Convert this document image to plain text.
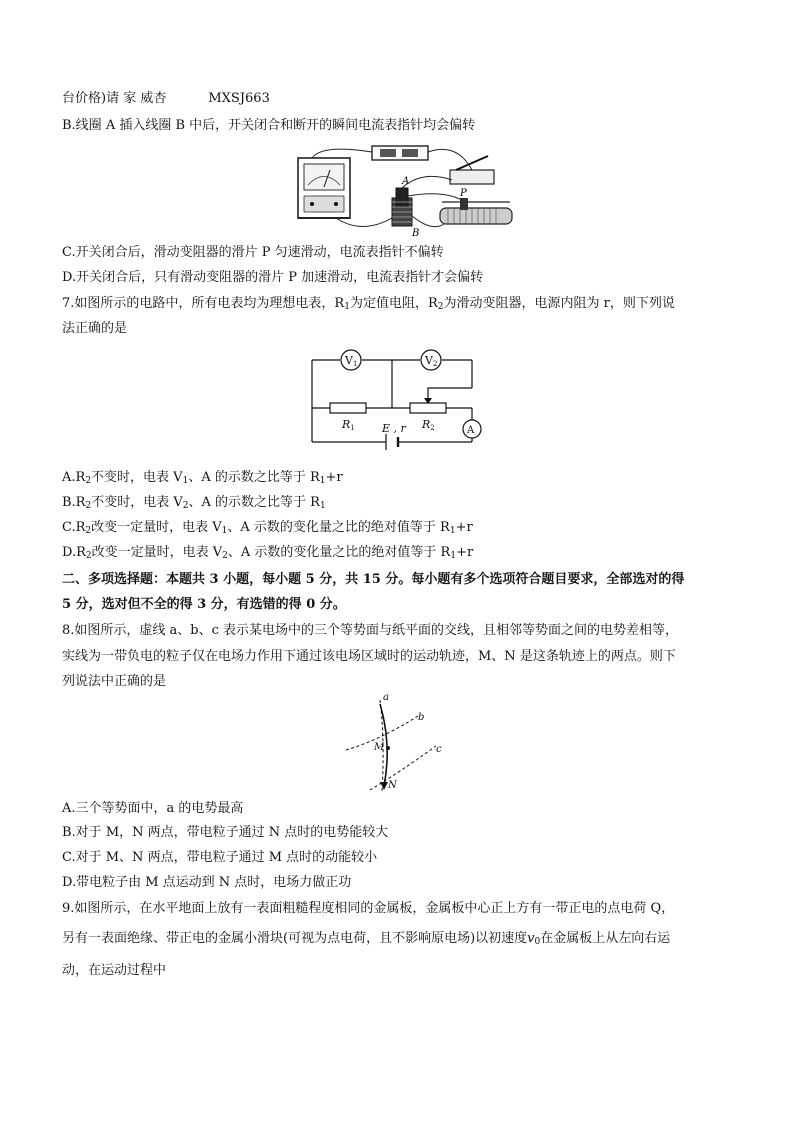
台价格)请 家 威杏	MXSJ663
B.线圈 A 插入线圈 B 中后，开关闭合和断开的瞬间电流表指针均会偏转
A
B
P
C.开关闭合后，滑动变阻器的滑片 P 匀速滑动，电流表指针不偏转
D.开关闭合后，只有滑动变阻器的滑片 P 加速滑动，电流表指针才会偏转
7.如图所示的电路中，所有电表均为理想电表，$R_1$为定值电阻，$R_2$为滑动变阻器，电源内阻为 r，则下列说
法正确的是
V1	V2
A
R1	R2
E , r
$A.R_2$不变时，电表 $V_1$、A 的示数之比等于 $R_1+r$
$B.R_2$不变时，电表 $V_2$、A 的示数之比等于 $R_1$
$C.R_2$改变一定量时，电表 $V_1$、A 示数的变化量之比的绝对值等于 $R_1+r$
$D.R_2$改变一定量时，电表 $V_2$、A 示数的变化量之比的绝对值等于 $R_1+r$
二、多项选择题：本题共 3 小题，每小题 5 分，共 15 分。每小题有多个选项符合题目要求，全部选对的得
5 分，选对但不全的得 3 分，有选错的得 0 分。
8.如图所示，虚线 a、b、c 表示某电场中的三个等势面与纸平面的交线，且相邻等势面之间的电势差相等，
实线为一带负电的粒子仅在电场力作用下通过该电场区域时的运动轨迹，M、N 是这条轨迹上的两点。则下
列说法中正确的是
a
b
c
M
N
A.三个等势面中，a 的电势最高
B.对于 M，N 两点，带电粒子通过 N 点时的电势能较大
C.对于 M、N 两点，带电粒子通过 M 点时的动能较小
D.带电粒子由 M 点运动到 N 点时，电场力做正功
9.如图所示，在水平地面上放有一表面粗糙程度相同的金属板，金属板中心正上方有一带正电的点电荷 Q，
另有一表面绝缘、带正电的金属小滑块(可视为点电荷，且不影响原电场)以初速度$v_0$在金属板上从左向右运
动，在运动过程中
